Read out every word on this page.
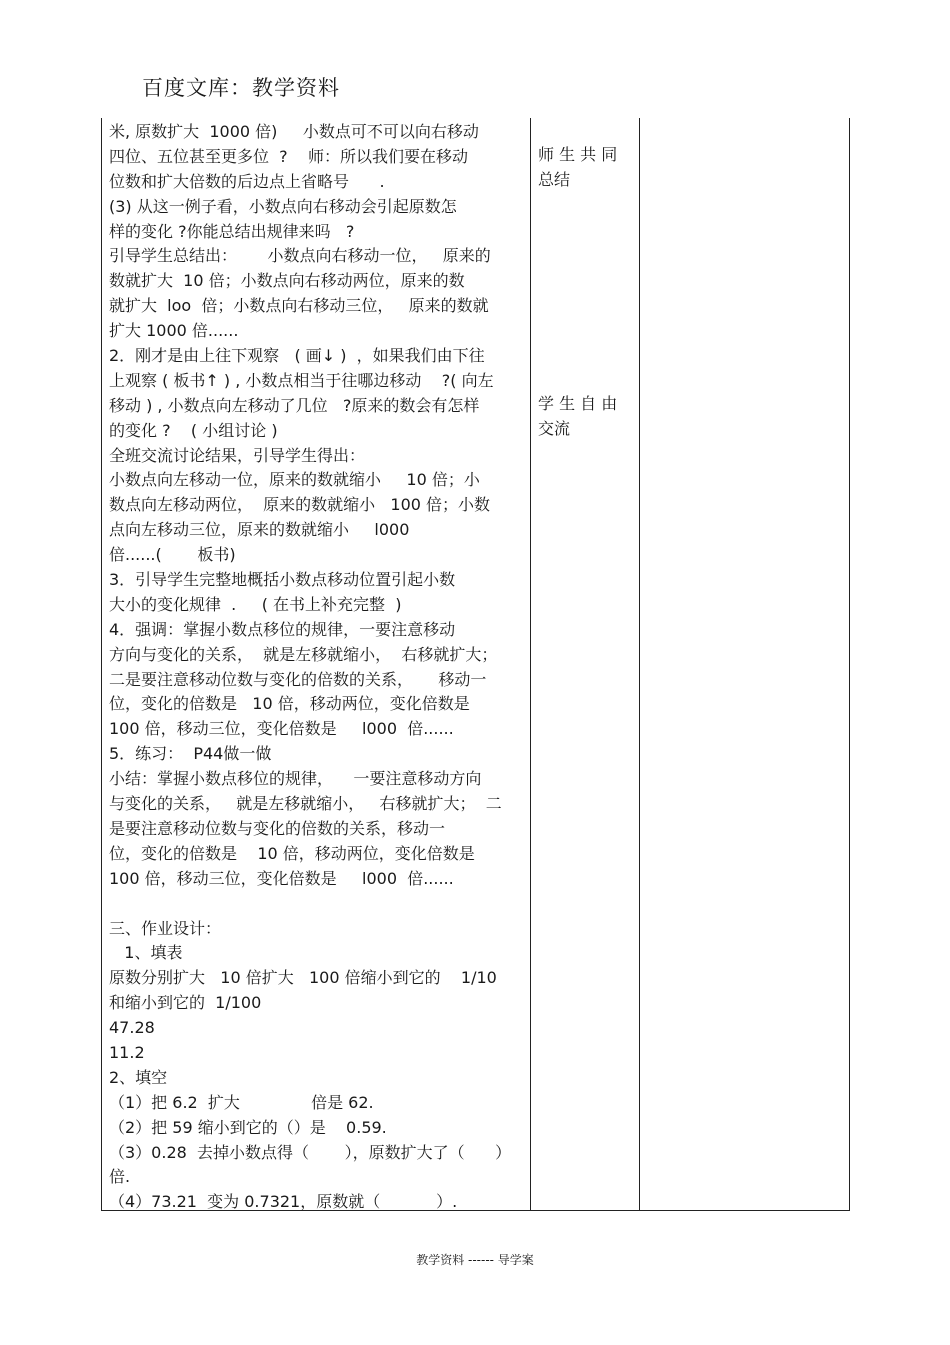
百度文库：教学资料
米, 原数扩大  1000 倍)     小数点可不可以向右移动
四位、五位甚至更多位  ?    师：所以我们要在移动
位数和扩大倍数的后边点上省略号      .
(3) 从这一例子看，小数点向右移动会引起原数怎
样的变化 ?你能总结出规律来吗   ?
引导学生总结出：      小数点向右移动一位，   原来的
数就扩大  10 倍；小数点向右移动两位，原来的数
就扩大  loo  倍；小数点向右移动三位，   原来的数就
扩大 1000 倍......
2．刚才是由上往下观察   ( 画↓ )  ，如果我们由下往
上观察 ( 板书↑ ) , 小数点相当于往哪边移动    ?( 向左
移动 ) , 小数点向左移动了几位   ?原来的数会有怎样
的变化 ?    ( 小组讨论 )
全班交流讨论结果，引导学生得出：
小数点向左移动一位，原来的数就缩小     10 倍；小
数点向左移动两位，  原来的数就缩小   100 倍；小数
点向左移动三位，原来的数就缩小     l000
倍......(       板书)
3．引导学生完整地概括小数点移动位置引起小数
大小的变化规律  .     ( 在书上补充完整  )
4．强调：掌握小数点移位的规律，一要注意移动
方向与变化的关系，  就是左移就缩小，  右移就扩大；
二是要注意移动位数与变化的倍数的关系，     移动一
位，变化的倍数是   10 倍，移动两位，变化倍数是
100 倍，移动三位，变化倍数是     l000  倍......
5．练习：  P44做一做
小结：掌握小数点移位的规律，    一要注意移动方向
与变化的关系，   就是左移就缩小，   右移就扩大；  二
是要注意移动位数与变化的倍数的关系，移动一
位，变化的倍数是    10 倍，移动两位，变化倍数是
100 倍，移动三位，变化倍数是     l000  倍......
三、作业设计：
1、填表
原数分别扩大   10 倍扩大   100 倍缩小到它的    1/10
和缩小到它的  1/100
47.28
11.2
2、填空
（1）把 6.2  扩大              倍是 62.
（2）把 59 缩小到它的（）是    0.59.
（3）0.28  去掉小数点得（       ），原数扩大了（      ）
倍.
（4）73.21  变为 0.7321，原数就（           ）.
师 生 共 同
总结
学 生 自 由
交流
教学资料 ------ 导学案
